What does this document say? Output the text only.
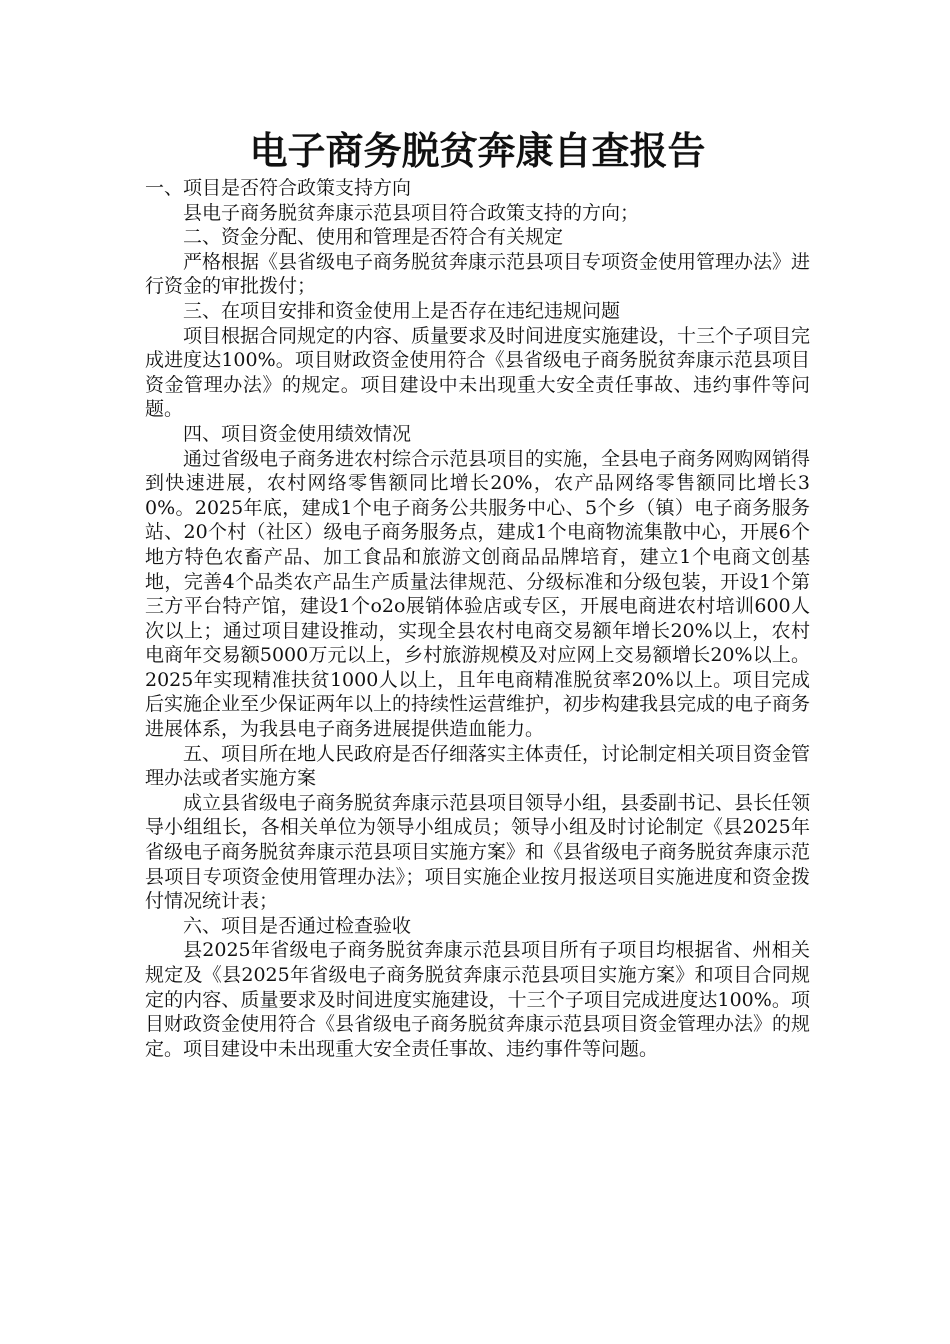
电子商务脱贫奔康自查报告

一、项目是否符合政策支持方向

县电子商务脱贫奔康示范县项目符合政策支持的方向；

二、资金分配、使用和管理是否符合有关规定

严格根据《县省级电子商务脱贫奔康示范县项目专项资金使用管理办法》进行资金的审批拨付；

三、在项目安排和资金使用上是否存在违纪违规问题

项目根据合同规定的内容、质量要求及时间进度实施建设，十三个子项目完成进度达100%。项目财政资金使用符合《县省级电子商务脱贫奔康示范县项目资金管理办法》的规定。项目建设中未出现重大安全责任事故、违约事件等问题。

四、项目资金使用绩效情况

通过省级电子商务进农村综合示范县项目的实施，全县电子商务网购网销得到快速进展，农村网络零售额同比增长20%，农产品网络零售额同比增长30%。2025年底，建成1个电子商务公共服务中心、5个乡（镇）电子商务服务站、20个村（社区）级电子商务服务点，建成1个电商物流集散中心，开展6个地方特色农畜产品、加工食品和旅游文创商品品牌培育，建立1个电商文创基地，完善4个品类农产品生产质量法律规范、分级标准和分级包装，开设1个第三方平台特产馆，建设1个o2o展销体验店或专区，开展电商进农村培训600人次以上；通过项目建设推动，实现全县农村电商交易额年增长20%以上，农村电商年交易额5000万元以上，乡村旅游规模及对应网上交易额增长20%以上。2025年实现精准扶贫1000人以上，且年电商精准脱贫率20%以上。项目完成后实施企业至少保证两年以上的持续性运营维护，初步构建我县完成的电子商务进展体系，为我县电子商务进展提供造血能力。

五、项目所在地人民政府是否仔细落实主体责任，讨论制定相关项目资金管理办法或者实施方案

成立县省级电子商务脱贫奔康示范县项目领导小组，县委副书记、县长任领导小组组长，各相关单位为领导小组成员；领导小组及时讨论制定《县2025年省级电子商务脱贫奔康示范县项目实施方案》和《县省级电子商务脱贫奔康示范县项目专项资金使用管理办法》；项目实施企业按月报送项目实施进度和资金拨付情况统计表；

六、项目是否通过检查验收

县2025年省级电子商务脱贫奔康示范县项目所有子项目均根据省、州相关规定及《县2025年省级电子商务脱贫奔康示范县项目实施方案》和项目合同规定的内容、质量要求及时间进度实施建设，十三个子项目完成进度达100%。项目财政资金使用符合《县省级电子商务脱贫奔康示范县项目资金管理办法》的规定。项目建设中未出现重大安全责任事故、违约事件等问题。
